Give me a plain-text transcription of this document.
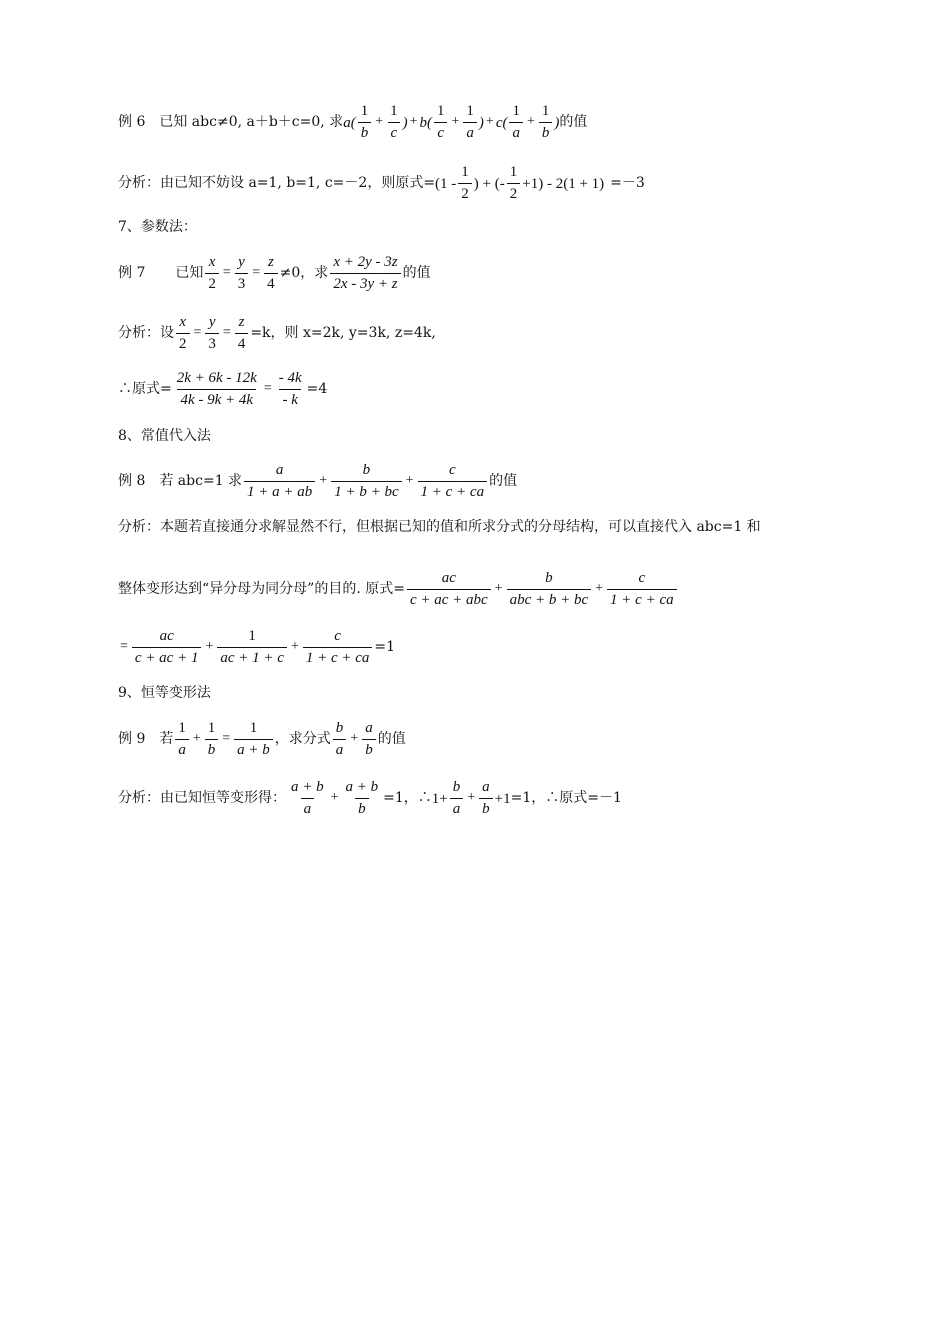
例 6 已知 abc≠0, a＋b＋c=0, 求 $a( \frac{1}{b} + \frac{1}{c}$ ) + $b( \frac{1}{c} + \frac{1}{a}$ ) + $c( \frac{1}{a} + \frac{1}{b}$ ) 的值
分析：由已知不妨设 a=1, b=1, c=－2，则原式= ($1 - \frac{1}{2}$ ) + (- $\frac{1}{2} +1) - 2(1 + 1) =-3$
7、参数法：
例 7 已知 $\frac{x}{2} = \frac{y}{3} = \frac{z}{4} \ne 0$，求 $\frac{x + 2y - 3z}{2x - 3y + z}$ 的值
分析：设 $\frac{x}{2} = \frac{y}{3} = \frac{z}{4} =k$，则 x=2k, y=3k, z=4k,
∴原式= $\frac{2k + 6k - 12k}{4k - 9k + 4k} = \frac{- 4k}{- k} =4$
8、常值代入法
例 8 若 abc=1 求 $\frac{a}{1 + a + ab} + \frac{b}{1 + b + bc} + \frac{c}{1 + c + ca}$ 的值
分析：本题若直接通分求解显然不行，但根据已知的值和所求分式的分母结构，可以直接代入 abc=1 和
整体变形达到“异分母为同分母”的目的. 原式= $\frac{ac}{\text{c + ac + abc}} + \frac{b}{\text{abc + b + bc}} + \frac{c}{1 + c + ca}$
= $\frac{ac}{c + ac + 1} + \frac{1}{ac + 1 + c} + \frac{c}{1 + c + ca} =1$
9、恒等变形法
例 9 若 $\frac{1}{a} + \frac{1}{b} = \frac{1}{a + b}$ ，求分式 $\frac{b}{a} + \frac{a}{b}$ 的值
分析：由已知恒等变形得： $\frac{a + b}{a} + \frac{a + b}{b} =1$，∴ $1+ \frac{b}{a} + \frac{a}{b} +1 =1$，∴原式=－1
